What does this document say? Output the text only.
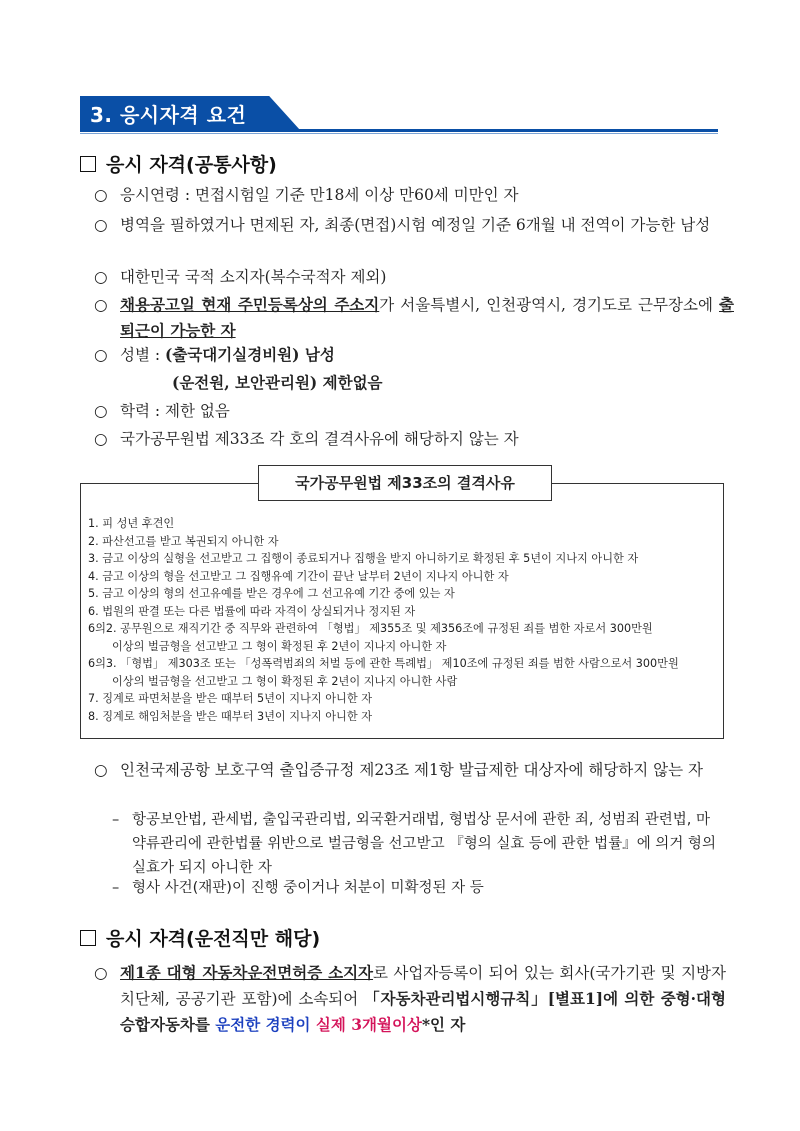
3. 응시자격 요건
응시 자격(공통사항)
○ 응시연령 : 면접시험일 기준 만18세 이상 만60세 미만인 자
○ 병역을 필하였거나 면제된 자, 최종(면접)시험 예정일 기준 6개월 내 전역이 가능한 남성
○ 대한민국 국적 소지자(복수국적자 제외)
○ 채용공고일 현재 주민등록상의 주소지가 서울특별시, 인천광역시, 경기도로 근무장소에 출퇴근이 가능한 자
○ 성별 : (출국대기실경비원) 남성
(운전원, 보안관리원) 제한없음
○ 학력 : 제한 없음
○ 국가공무원법 제33조 각 호의 결격사유에 해당하지 않는 자
국가공무원법 제33조의 결격사유
1. 피 성년 후견인
2. 파산선고를 받고 복권되지 아니한 자
3. 금고 이상의 실형을 선고받고 그 집행이 종료되거나 집행을 받지 아니하기로 확정된 후 5년이 지나지 아니한 자
4. 금고 이상의 형을 선고받고 그 집행유예 기간이 끝난 날부터 2년이 지나지 아니한 자
5. 금고 이상의 형의 선고유예를 받은 경우에 그 선고유예 기간 중에 있는 자
6. 법원의 판결 또는 다른 법률에 따라 자격이 상실되거나 정지된 자
6의2. 공무원으로 재직기간 중 직무와 관련하여 「형법」 제355조 및 제356조에 규정된 죄를 범한 자로서 300만원
이상의 벌금형을 선고받고 그 형이 확정된 후 2년이 지나지 아니한 자
6의3. 「형법」 제303조 또는 「성폭력범죄의 처벌 등에 관한 특례법」 제10조에 규정된 죄를 범한 사람으로서 300만원
이상의 벌금형을 선고받고 그 형이 확정된 후 2년이 지나지 아니한 사람
7. 징계로 파면처분을 받은 때부터 5년이 지나지 아니한 자
8. 징계로 해임처분을 받은 때부터 3년이 지나지 아니한 자
○ 인천국제공항 보호구역 출입증규정 제23조 제1항 발급제한 대상자에 해당하지 않는 자
– 항공보안법, 관세법, 출입국관리법, 외국환거래법, 형법상 문서에 관한 죄, 성범죄 관련법, 마약류관리에 관한법률 위반으로 벌금형을 선고받고 『형의 실효 등에 관한 법률』에 의거 형의 실효가 되지 아니한 자
– 형사 사건(재판)이 진행 중이거나 처분이 미확정된 자 등
응시 자격(운전직만 해당)
○ 제1종 대형 자동차운전면허증 소지자로 사업자등록이 되어 있는 회사(국가기관 및 지방자치단체, 공공기관 포함)에 소속되어 「자동차관리법시행규칙」[별표1]에 의한 중형·대형 승합자동차를 운전한 경력이 실제 3개월이상*인 자
